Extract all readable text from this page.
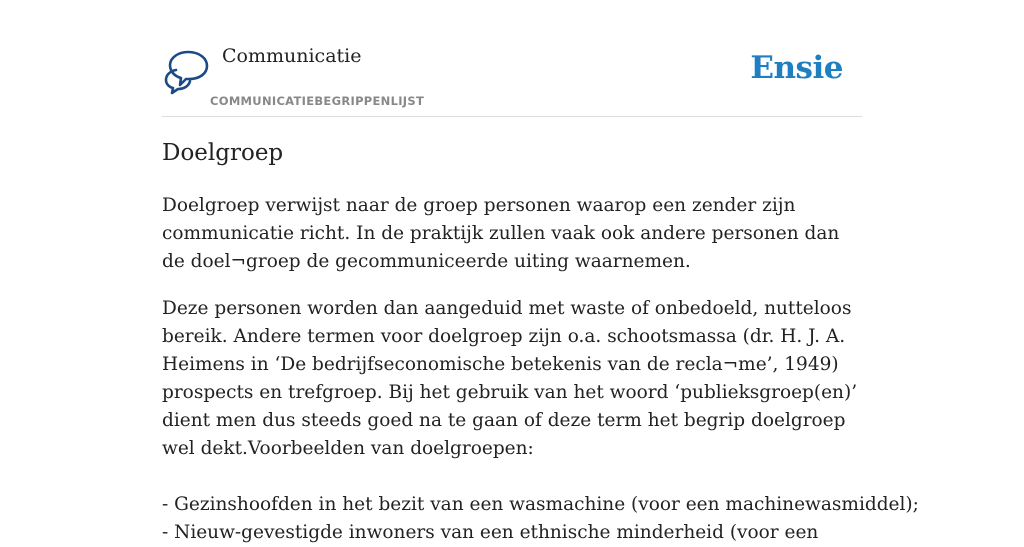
Communicatie
COMMUNICATIEBEGRIPPENLIJST
Ensie
Doelgroep

Doelgroep verwijst naar de groep personen waarop een zender zijn communicatie richt. In de praktijk zullen vaak ook andere personen dan de doel¬groep de gecommuniceerde uiting waarnemen.

Deze personen worden dan aangeduid met waste of onbedoeld, nutteloos bereik. Andere termen voor doelgroep zijn o.a. schootsmassa (dr. H. J. A. Heimens in ‘De bedrijfseconomische betekenis van de recla¬me’, 1949) prospects en trefgroep. Bij het gebruik van het woord ‘publieksgroep(en)’ dient men dus steeds goed na te gaan of deze term het begrip doelgroep wel dekt.Voorbeelden van doelgroepen:

- Gezinshoofden in het bezit van een wasmachine (voor een machinewasmiddel);
- Nieuw-gevestigde inwoners van een ethnische minderheid (voor een
